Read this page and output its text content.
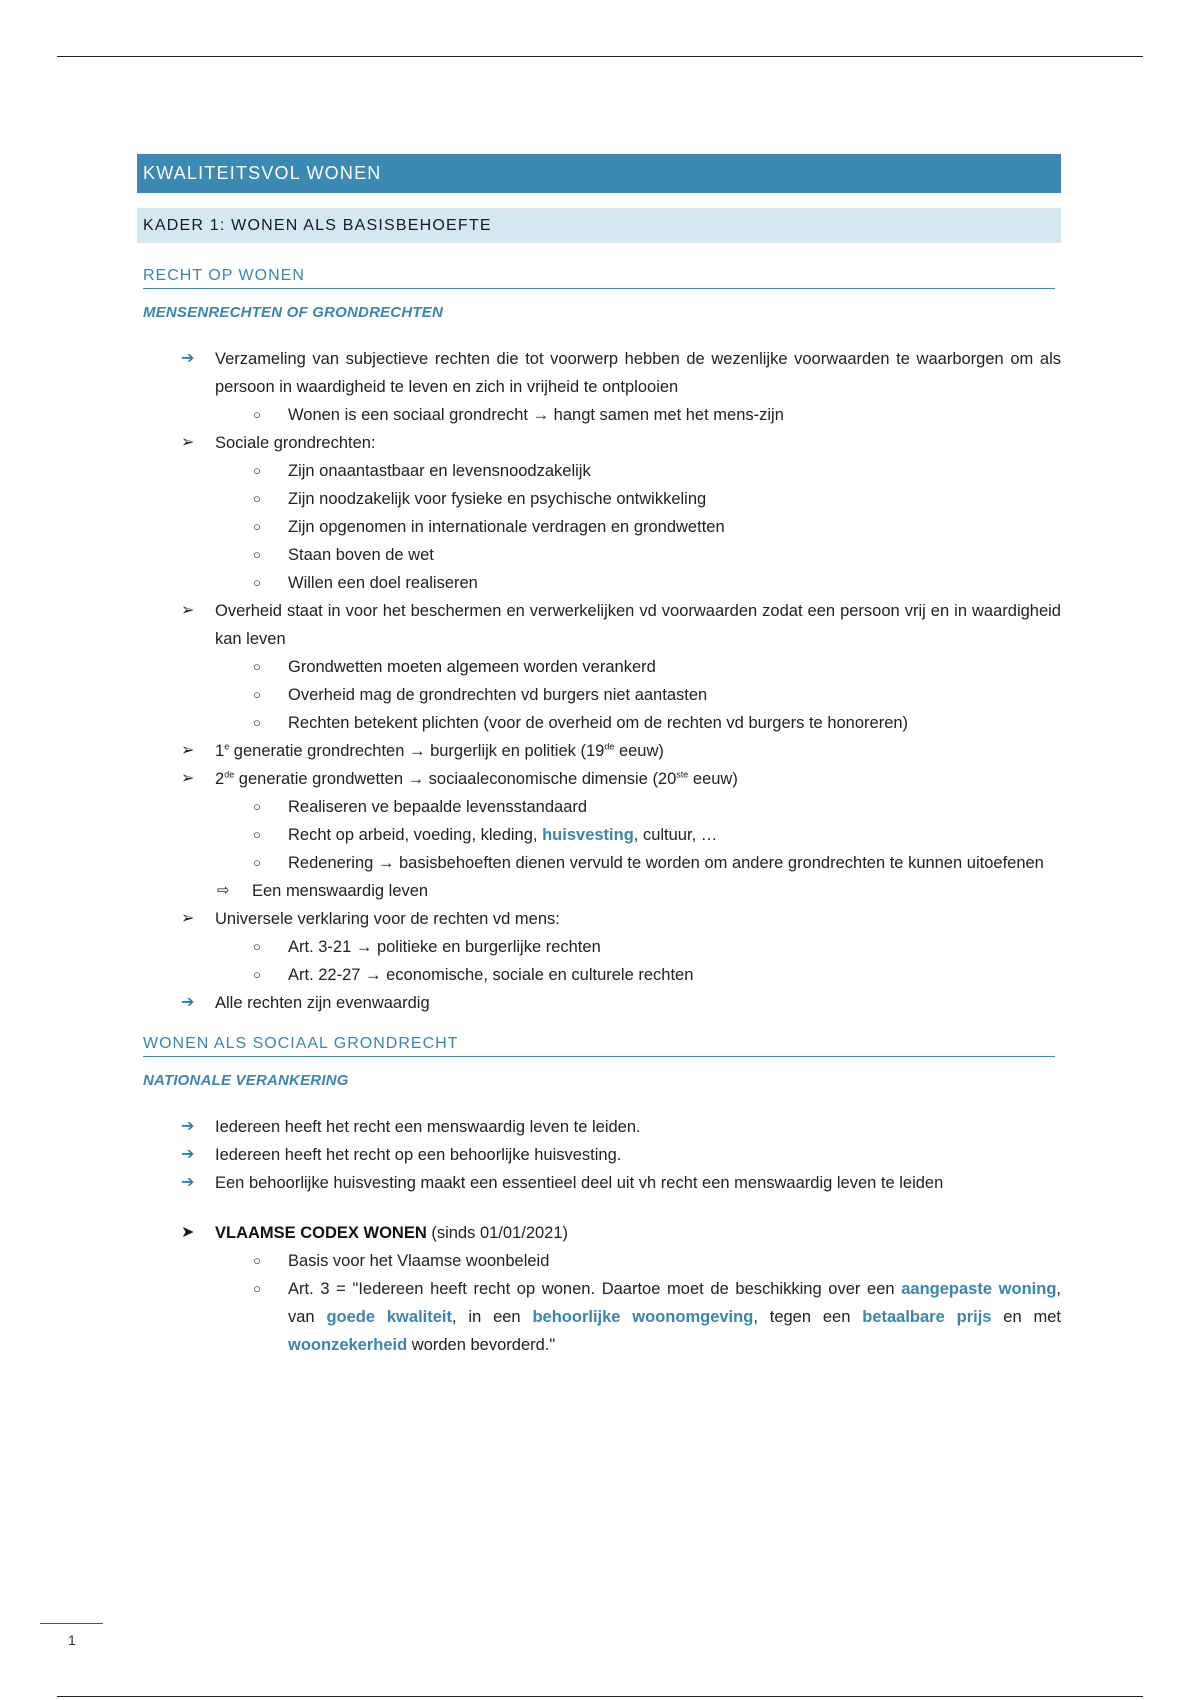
KWALITEITSVOL WONEN
KADER 1: WONEN ALS BASISBEHOEFTE
RECHT OP WONEN
MENSENRECHTEN OF GRONDRECHTEN
➔ Verzameling van subjectieve rechten die tot voorwerp hebben de wezenlijke voorwaarden te waarborgen om als persoon in waardigheid te leven en zich in vrijheid te ontplooien
○ Wonen is een sociaal grondrecht → hangt samen met het mens-zijn
➢ Sociale grondrechten:
○ Zijn onaantastbaar en levensnoodzakelijk
○ Zijn noodzakelijk voor fysieke en psychische ontwikkeling
○ Zijn opgenomen in internationale verdragen en grondwetten
○ Staan boven de wet
○ Willen een doel realiseren
➢ Overheid staat in voor het beschermen en verwerkelijken vd voorwaarden zodat een persoon vrij en in waardigheid kan leven
○ Grondwetten moeten algemeen worden verankerd
○ Overheid mag de grondrechten vd burgers niet aantasten
○ Rechten betekent plichten (voor de overheid om de rechten vd burgers te honoreren)
➢ 1e generatie grondrechten → burgerlijk en politiek (19de eeuw)
➢ 2de generatie grondwetten → sociaaleconomische dimensie (20ste eeuw)
○ Realiseren ve bepaalde levensstandaard
○ Recht op arbeid, voeding, kleding, huisvesting, cultuur, …
○ Redenering → basisbehoeften dienen vervuld te worden om andere grondrechten te kunnen uitoefenen
⇨ Een menswaardig leven
➢ Universele verklaring voor de rechten vd mens:
○ Art. 3-21 → politieke en burgerlijke rechten
○ Art. 22-27 → economische, sociale en culturele rechten
➔ Alle rechten zijn evenwaardig
WONEN ALS SOCIAAL GRONDRECHT
NATIONALE VERANKERING
➔ Iedereen heeft het recht een menswaardig leven te leiden.
➔ Iedereen heeft het recht op een behoorlijke huisvesting.
➔ Een behoorlijke huisvesting maakt een essentieel deel uit vh recht een menswaardig leven te leiden
➤ VLAAMSE CODEX WONEN (sinds 01/01/2021)
○ Basis voor het Vlaamse woonbeleid
○ Art. 3 = "Iedereen heeft recht op wonen. Daartoe moet de beschikking over een aangepaste woning, van goede kwaliteit, in een behoorlijke woonomgeving, tegen een betaalbare prijs en met woonzekerheid worden bevorderd."
1
